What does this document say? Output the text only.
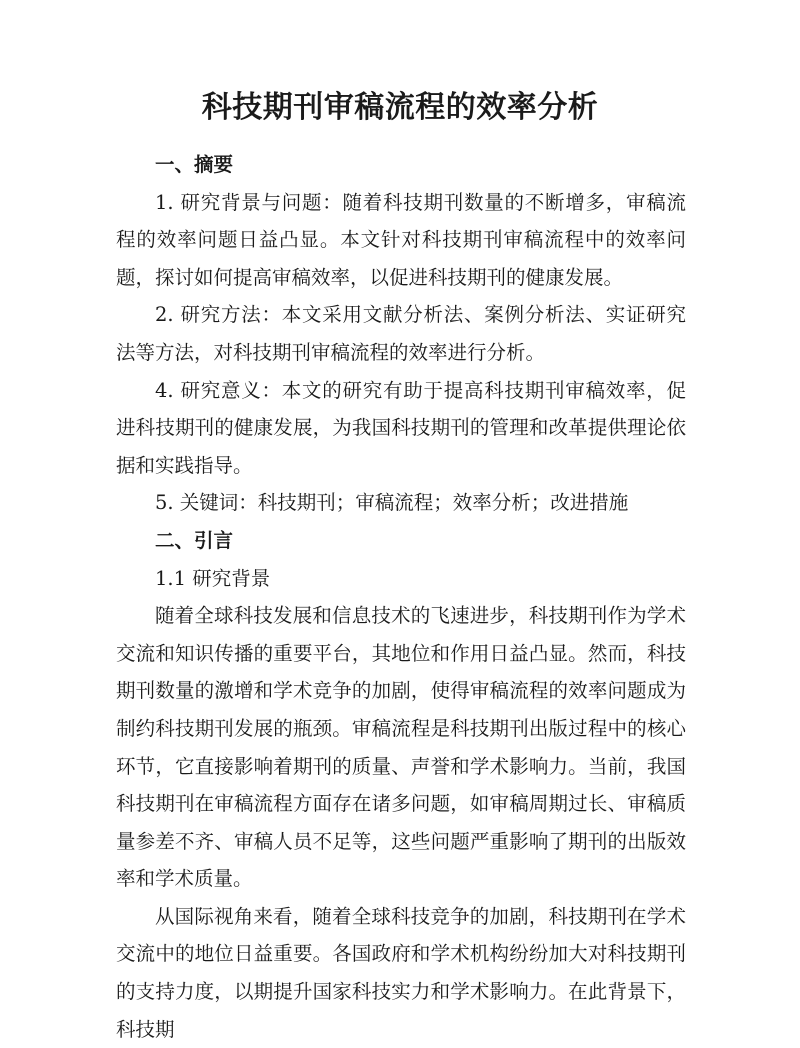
科技期刊审稿流程的效率分析

一、摘要

1. 研究背景与问题：随着科技期刊数量的不断增多，审稿流程的效率问题日益凸显。本文针对科技期刊审稿流程中的效率问题，探讨如何提高审稿效率，以促进科技期刊的健康发展。

2. 研究方法：本文采用文献分析法、案例分析法、实证研究法等方法，对科技期刊审稿流程的效率进行分析。

4. 研究意义：本文的研究有助于提高科技期刊审稿效率，促进科技期刊的健康发展，为我国科技期刊的管理和改革提供理论依据和实践指导。

5. 关键词：科技期刊；审稿流程；效率分析；改进措施

二、引言

1.1 研究背景

随着全球科技发展和信息技术的飞速进步，科技期刊作为学术交流和知识传播的重要平台，其地位和作用日益凸显。然而，科技期刊数量的激增和学术竞争的加剧，使得审稿流程的效率问题成为制约科技期刊发展的瓶颈。审稿流程是科技期刊出版过程中的核心环节，它直接影响着期刊的质量、声誉和学术影响力。当前，我国科技期刊在审稿流程方面存在诸多问题，如审稿周期过长、审稿质量参差不齐、审稿人员不足等，这些问题严重影响了期刊的出版效率和学术质量。

从国际视角来看，随着全球科技竞争的加剧，科技期刊在学术交流中的地位日益重要。各国政府和学术机构纷纷加大对科技期刊的支持力度，以期提升国家科技实力和学术影响力。在此背景下，科技期
